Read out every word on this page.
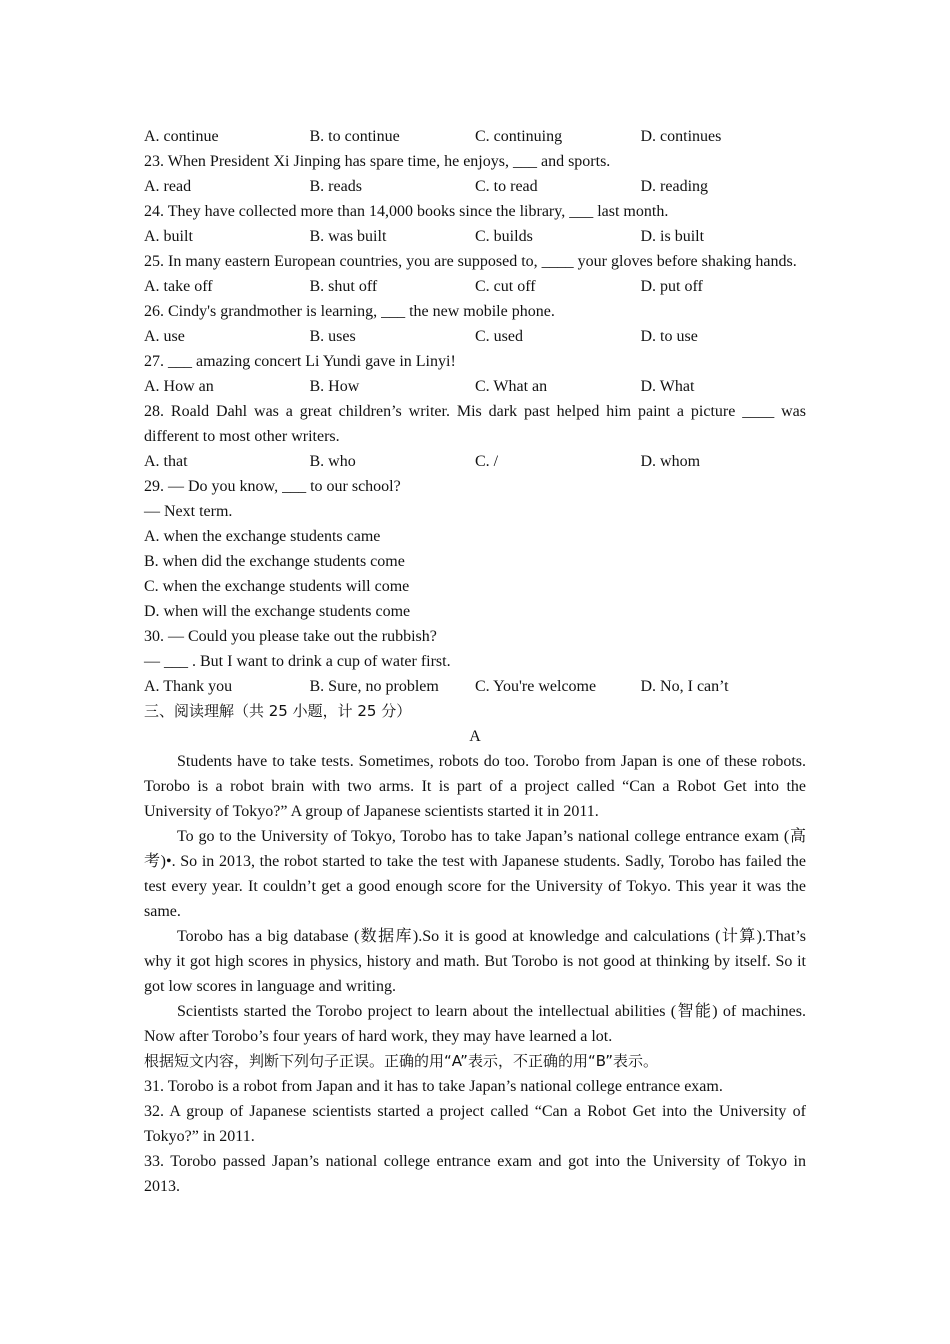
A. continue	B. to continue	C. continuing	D. continues
23. When President Xi Jinping has spare time, he enjoys, ___ and sports.
A. read	B. reads	C. to read	D. reading
24. They have collected more than 14,000 books since the library, ___ last month.
A. built	B. was built	C. builds	D. is built
25. In many eastern European countries, you are supposed to, ____ your gloves before shaking hands.
A. take off	B. shut off	C. cut off	D. put off
26. Cindy's grandmother is learning, ___ the new mobile phone.
A. use	B. uses	C. used	D. to use
27. ___ amazing concert Li Yundi gave in Linyi!
A. How an	B. How	C. What an	D. What
28. Roald Dahl was a great children’s writer. Mis dark past helped him paint a picture ____ was different to most other writers.
A. that	B. who	C. /	D. whom
29. — Do you know, ___ to our school?
— Next term.
A. when the exchange students came
B. when did the exchange students come
C. when the exchange students will come
D. when will the exchange students come
30. — Could you please take out the rubbish?
— ___ . But I want to drink a cup of water first.
A. Thank you	B. Sure, no problem	C. You're welcome	D. No, I can’t
三、阅读理解（共 25 小题，计 25 分）
A
Students have to take tests. Sometimes, robots do too. Torobo from Japan is one of these robots. Torobo is a robot brain with two arms. It is part of a project called “Can a Robot Get into the University of Tokyo?” A group of Japanese scientists started it in 2011.
To go to the University of Tokyo, Torobo has to take Japan’s national college entrance exam (高考)•. So in 2013, the robot started to take the test with Japanese students. Sadly, Torobo has failed the test every year. It couldn’t get a good enough score for the University of Tokyo. This year it was the same.
Torobo has a big database (数据库).So it is good at knowledge and calculations (计算).That’s why it got high scores in physics, history and math. But Torobo is not good at thinking by itself. So it got low scores in language and writing.
Scientists started the Torobo project to learn about the intellectual abilities (智能) of machines. Now after Torobo’s four years of hard work, they may have learned a lot.
根据短文内容，判断下列句子正误。正确的用“A”表示，不正确的用“B”表示。
31. Torobo is a robot from Japan and it has to take Japan’s national college entrance exam.
32. A group of Japanese scientists started a project called “Can a Robot Get into the University of Tokyo?” in 2011.
33. Torobo passed Japan’s national college entrance exam and got into the University of Tokyo in 2013.
